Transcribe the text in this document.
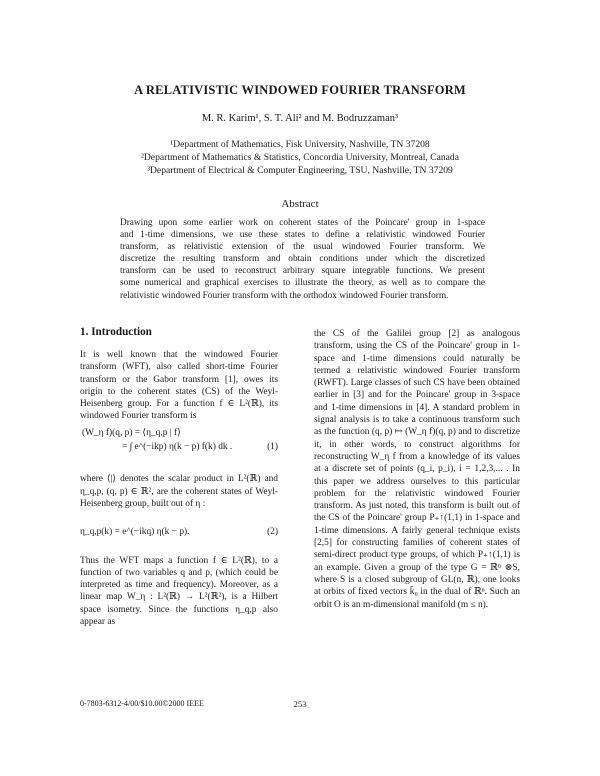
A RELATIVISTIC WINDOWED FOURIER TRANSFORM
M. R. Karim¹, S. T. Ali² and M. Bodruzzaman³
¹Department of Mathematics, Fisk University, Nashville, TN 37208
²Department of Mathematics & Statistics, Concordia University, Montreal, Canada
³Department of Electrical & Computer Engineering, TSU, Nashville, TN 37209
Abstract
Drawing upon some earlier work on coherent states of the Poincare' group in 1-space
and 1-time dimensions, we use these states to define a relativistic windowed Fourier
transform, as relativistic extension of the usual windowed Fourier transform. We
discretize the resulting transform and obtain conditions under which the discretized
transform can be used to reconstruct arbitrary square integrable functions. We present
some numerical and graphical exercises to illustrate the theory, as well as to compare the
relativistic windowed Fourier transform with the orthodox windowed Fourier transform.
1. Introduction

It is well known that the windowed Fourier transform (WFT), also called short-time Fourier transform or the Gabor transform [1], owes its origin to the coherent states (CS) of the Weyl-Heisenberg group. For a function f ∈ L²(ℝ), its windowed Fourier transform is

(W_η f)(q, p) = ⟨η_q,p | f⟩
= ∫ e^(−ikp) η(k − p) f(k) dk .	(1)

where ⟨|⟩ denotes the scalar product in L²(ℝ) and η_q,p, (q, p) ∈ ℝ², are the coherent states of Weyl-Heisenberg group, built out of η :

η_q,p(k) = e^(−ikq) η(k − p).	(2)

Thus the WFT maps a function f ∈ L²(ℝ), to a function of two variables q and p, (which could be interpreted as time and frequency). Moreover, as a linear map W_η : L²(ℝ) → L²(ℝ²), is a Hilbert space isometry. Since the functions η_q,p also appear as

the CS of the Galilei group [2] as analogous transform, using the CS of the Poincare' group in 1-space and 1-time dimensions could naturally be termed a relativistic windowed Fourier transform (RWFT). Large classes of such CS have been obtained earlier in [3] and for the Poincare' group in 3-space and 1-time dimensions in [4]. A standard problem in signal analysis is to take a continuous transform such as the function (q, p) ↦ (W_η f)(q, p) and to discretize it, in other words, to construct algorithms for reconstructing W_η f from a knowledge of its values at a discrete set of points (q_i, p_i), i = 1,2,3,... . In this paper we address ourselves to this particular problem for the relativistic windowed Fourier transform. As just noted, this transform is built out of the CS of the Poincare' group P₊↑(1,1) in 1-space and 1-time dimensions. A fairly general technique exists [2,5] for constructing families of coherent states of semi-direct product type groups, of which P₊↑(1,1) is an example. Given a group of the type G = ℝⁿ ⊗S, where S is a closed subgroup of GL(n, ℝ), one looks at orbits of fixed vectors k̄₀ in the dual of ℝⁿ. Such an orbit O is an m-dimensional manifold (m ≤ n).

0-7803-6312-4/00/$10.00©2000 IEEE	253
